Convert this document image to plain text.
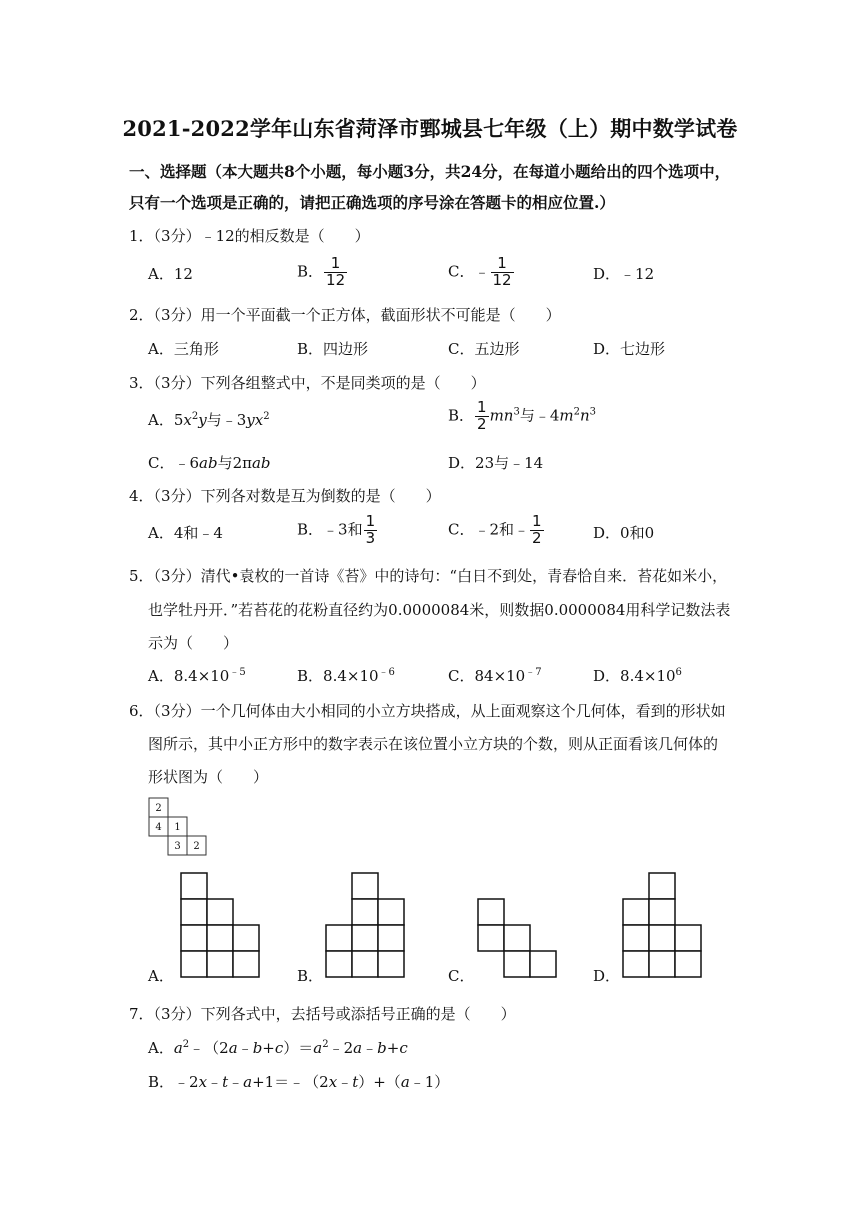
2021-2022学年山东省菏泽市鄄城县七年级（上）期中数学试卷
一、选择题（本大题共8个小题，每小题3分，共24分，在每道小题给出的四个选项中，
只有一个选项是正确的，请把正确选项的序号涂在答题卡的相应位置.）
1．（3分）﹣12的相反数是（　　）
A．12	B． $\frac{1}{12}$	C．﹣ $\frac{1}{12}$	D．﹣12
2．（3分）用一个平面截一个正方体，截面形状不可能是（　　）
A．三角形	B．四边形	C．五边形	D．七边形
3．（3分）下列各组整式中，不是同类项的是（　　）
A．$5x^2y$与$﹣3yx^2$	B． $\frac{1}{2} mn^3$与$﹣4m^2n^3$
C．﹣6ab与2πab	D．23与﹣14
4．（3分）下列各对数是互为倒数的是（　　）
A．4和﹣4	B．﹣3和 $\frac{1}{3}$	C．﹣2和﹣ $\frac{1}{2}$	D．0和0
5．（3分）清代•袁枚的一首诗《苔》中的诗句：“白日不到处，青春恰自来．苔花如米小，
也学牡丹开．”若苔花的花粉直径约为0.0000084米，则数据0.0000084用科学记数法表
示为（　　）
A．$8.4\times 10^{﹣5}$	B．$8.4\times 10^{﹣6}$	C．$84\times 10^{﹣7}$	D．$8.4\times 10^6$
6．（3分）一个几何体由大小相同的小立方块搭成，从上面观察这个几何体，看到的形状如
图所示，其中小正方形中的数字表示在该位置小立方块的个数，则从正面看该几何体的
形状图为（　　）
2
4 1
3 2
A．	B．	C．	D．
7．（3分）下列各式中，去括号或添括号正确的是（　　）
A．$a^2﹣(2a﹣b+c)=a^2﹣2a﹣b+c$
B．﹣2x﹣t﹣a+1＝﹣（2x﹣t）+（a﹣1）
